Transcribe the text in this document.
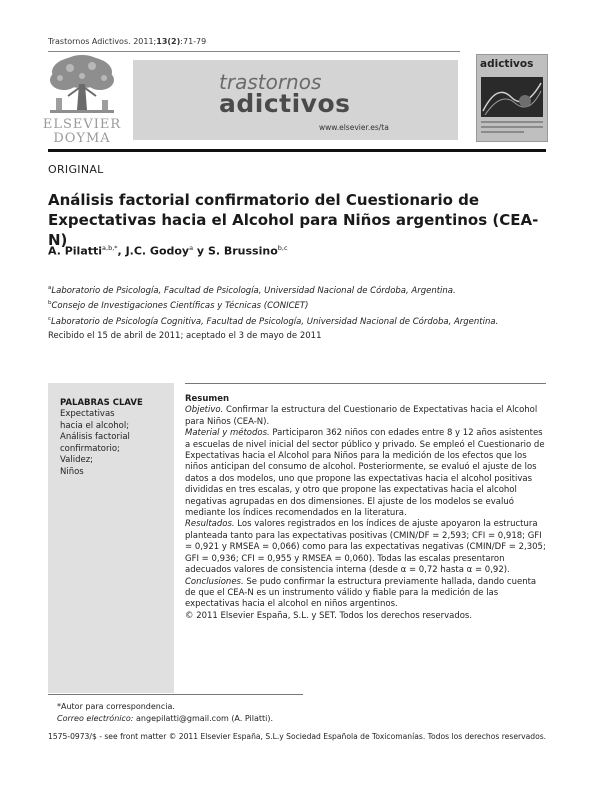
Trastornos Adictivos. 2011;13(2):71-79
ELSEVIER
DOYMA
trastornos
adictivos
www.elsevier.es/ta
adictivos
ORIGINAL
Análisis factorial confirmatorio del Cuestionario de Expectativas hacia el Alcohol para Niños argentinos (CEA-N)
A. Pilatti$^{a,b,*}$, J.C. Godoy$^a$ y S. Brussino$^{b,c}$
$^a$Laboratorio de Psicología, Facultad de Psicología, Universidad Nacional de Córdoba, Argentina.
$^b$Consejo de Investigaciones Científicas y Técnicas (CONICET)
$^c$Laboratorio de Psicología Cognitiva, Facultad de Psicología, Universidad Nacional de Córdoba, Argentina.
Recibido el 15 de abril de 2011; aceptado el 3 de mayo de 2011
PALABRAS CLAVE
Expectativas
hacia el alcohol;
Análisis factorial
confirmatorio;
Validez;
Niños

Resumen

Objetivo. Confirmar la estructura del Cuestionario de Expectativas hacia el Alcohol para Niños (CEA-N).

Material y métodos. Participaron 362 niños con edades entre 8 y 12 años asistentes a escuelas de nivel inicial del sector público y privado. Se empleó el Cuestionario de Expectativas hacia el Alcohol para Niños para la medición de los efectos que los niños anticipan del consumo de alcohol. Posteriormente, se evaluó el ajuste de los datos a dos modelos, uno que propone las expectativas hacia el alcohol positivas divididas en tres escalas, y otro que propone las expectativas hacia el alcohol negativas agrupadas en dos dimensiones. El ajuste de los modelos se evaluó mediante los índices recomendados en la literatura.

Resultados. Los valores registrados en los índices de ajuste apoyaron la estructura planteada tanto para las expectativas positivas (CMIN/DF = 2,593; CFI = 0,918; GFI = 0,921 y RMSEA = 0,066) como para las expectativas negativas (CMIN/DF = 2,305; GFI = 0,936; CFI = 0,955 y RMSEA = 0,060). Todas las escalas presentaron adecuados valores de consistencia interna (desde α = 0,72 hasta α = 0,92).

Conclusiones. Se pudo confirmar la estructura previamente hallada, dando cuenta de que el CEA-N es un instrumento válido y fiable para la medición de las expectativas hacia el alcohol en niños argentinos.

© 2011 Elsevier España, S.L. y SET. Todos los derechos reservados.

*Autor para correspondencia.
Correo electrónico: angepilatti@gmail.com (A. Pilatti).
1575-0973/$ - see front matter © 2011 Elsevier España, S.L.y Sociedad Española de Toxicomanías. Todos los derechos reservados.
